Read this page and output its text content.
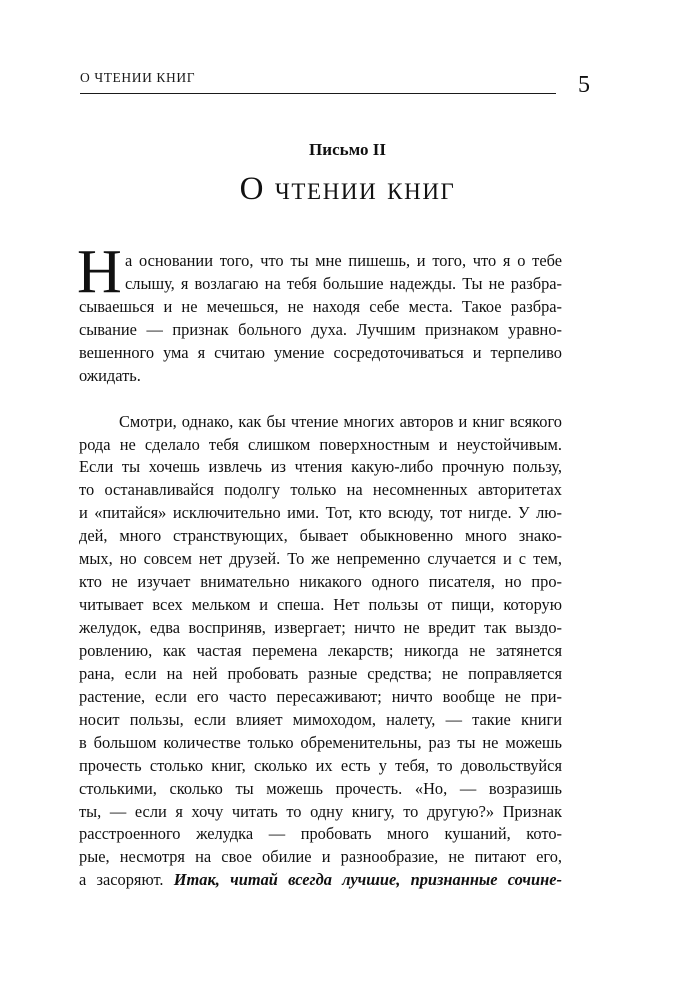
О ЧТЕНИИ КНИГ	5
Письмо II
О чтении книг
Н а основании того, что ты мне пишешь, и того, что я о тебе
слышу, я возлагаю на тебя большие надежды. Ты не разбра-
сываешься и не мечешься, не находя себе места. Такое разбра-
сывание — признак больного духа. Лучшим признаком уравно-
вешенного ума я считаю умение сосредоточиваться и терпеливо
ожидать.
Смотри, однако, как бы чтение многих авторов и книг всякого
рода не сделало тебя слишком поверхностным и неустойчивым.
Если ты хочешь извлечь из чтения какую-либо прочную пользу,
то останавливайся подолгу только на несомненных авторитетах
и «питайся» исключительно ими. Тот, кто всюду, тот нигде. У лю-
дей, много странствующих, бывает обыкновенно много знако-
мых, но совсем нет друзей. То же непременно случается и с тем,
кто не изучает внимательно никакого одного писателя, но про-
читывает всех мельком и спеша. Нет пользы от пищи, которую
желудок, едва восприняв, извергает; ничто не вредит так выздо-
ровлению, как частая перемена лекарств; никогда не затянется
рана, если на ней пробовать разные средства; не поправляется
растение, если его часто пересаживают; ничто вообще не при-
носит пользы, если влияет мимоходом, налету, — такие книги
в большом количестве только обременительны, раз ты не можешь
прочесть столько книг, сколько их есть у тебя, то довольствуйся
столькими, сколько ты можешь прочесть. «Но, — возразишь
ты, — если я хочу читать то одну книгу, то другую?» Признак
расстроенного желудка — пробовать много кушаний, кото-
рые, несмотря на свое обилие и разнообразие, не питают его,
а засоряют. Итак, читай всегда лучшие, признанные сочине-
